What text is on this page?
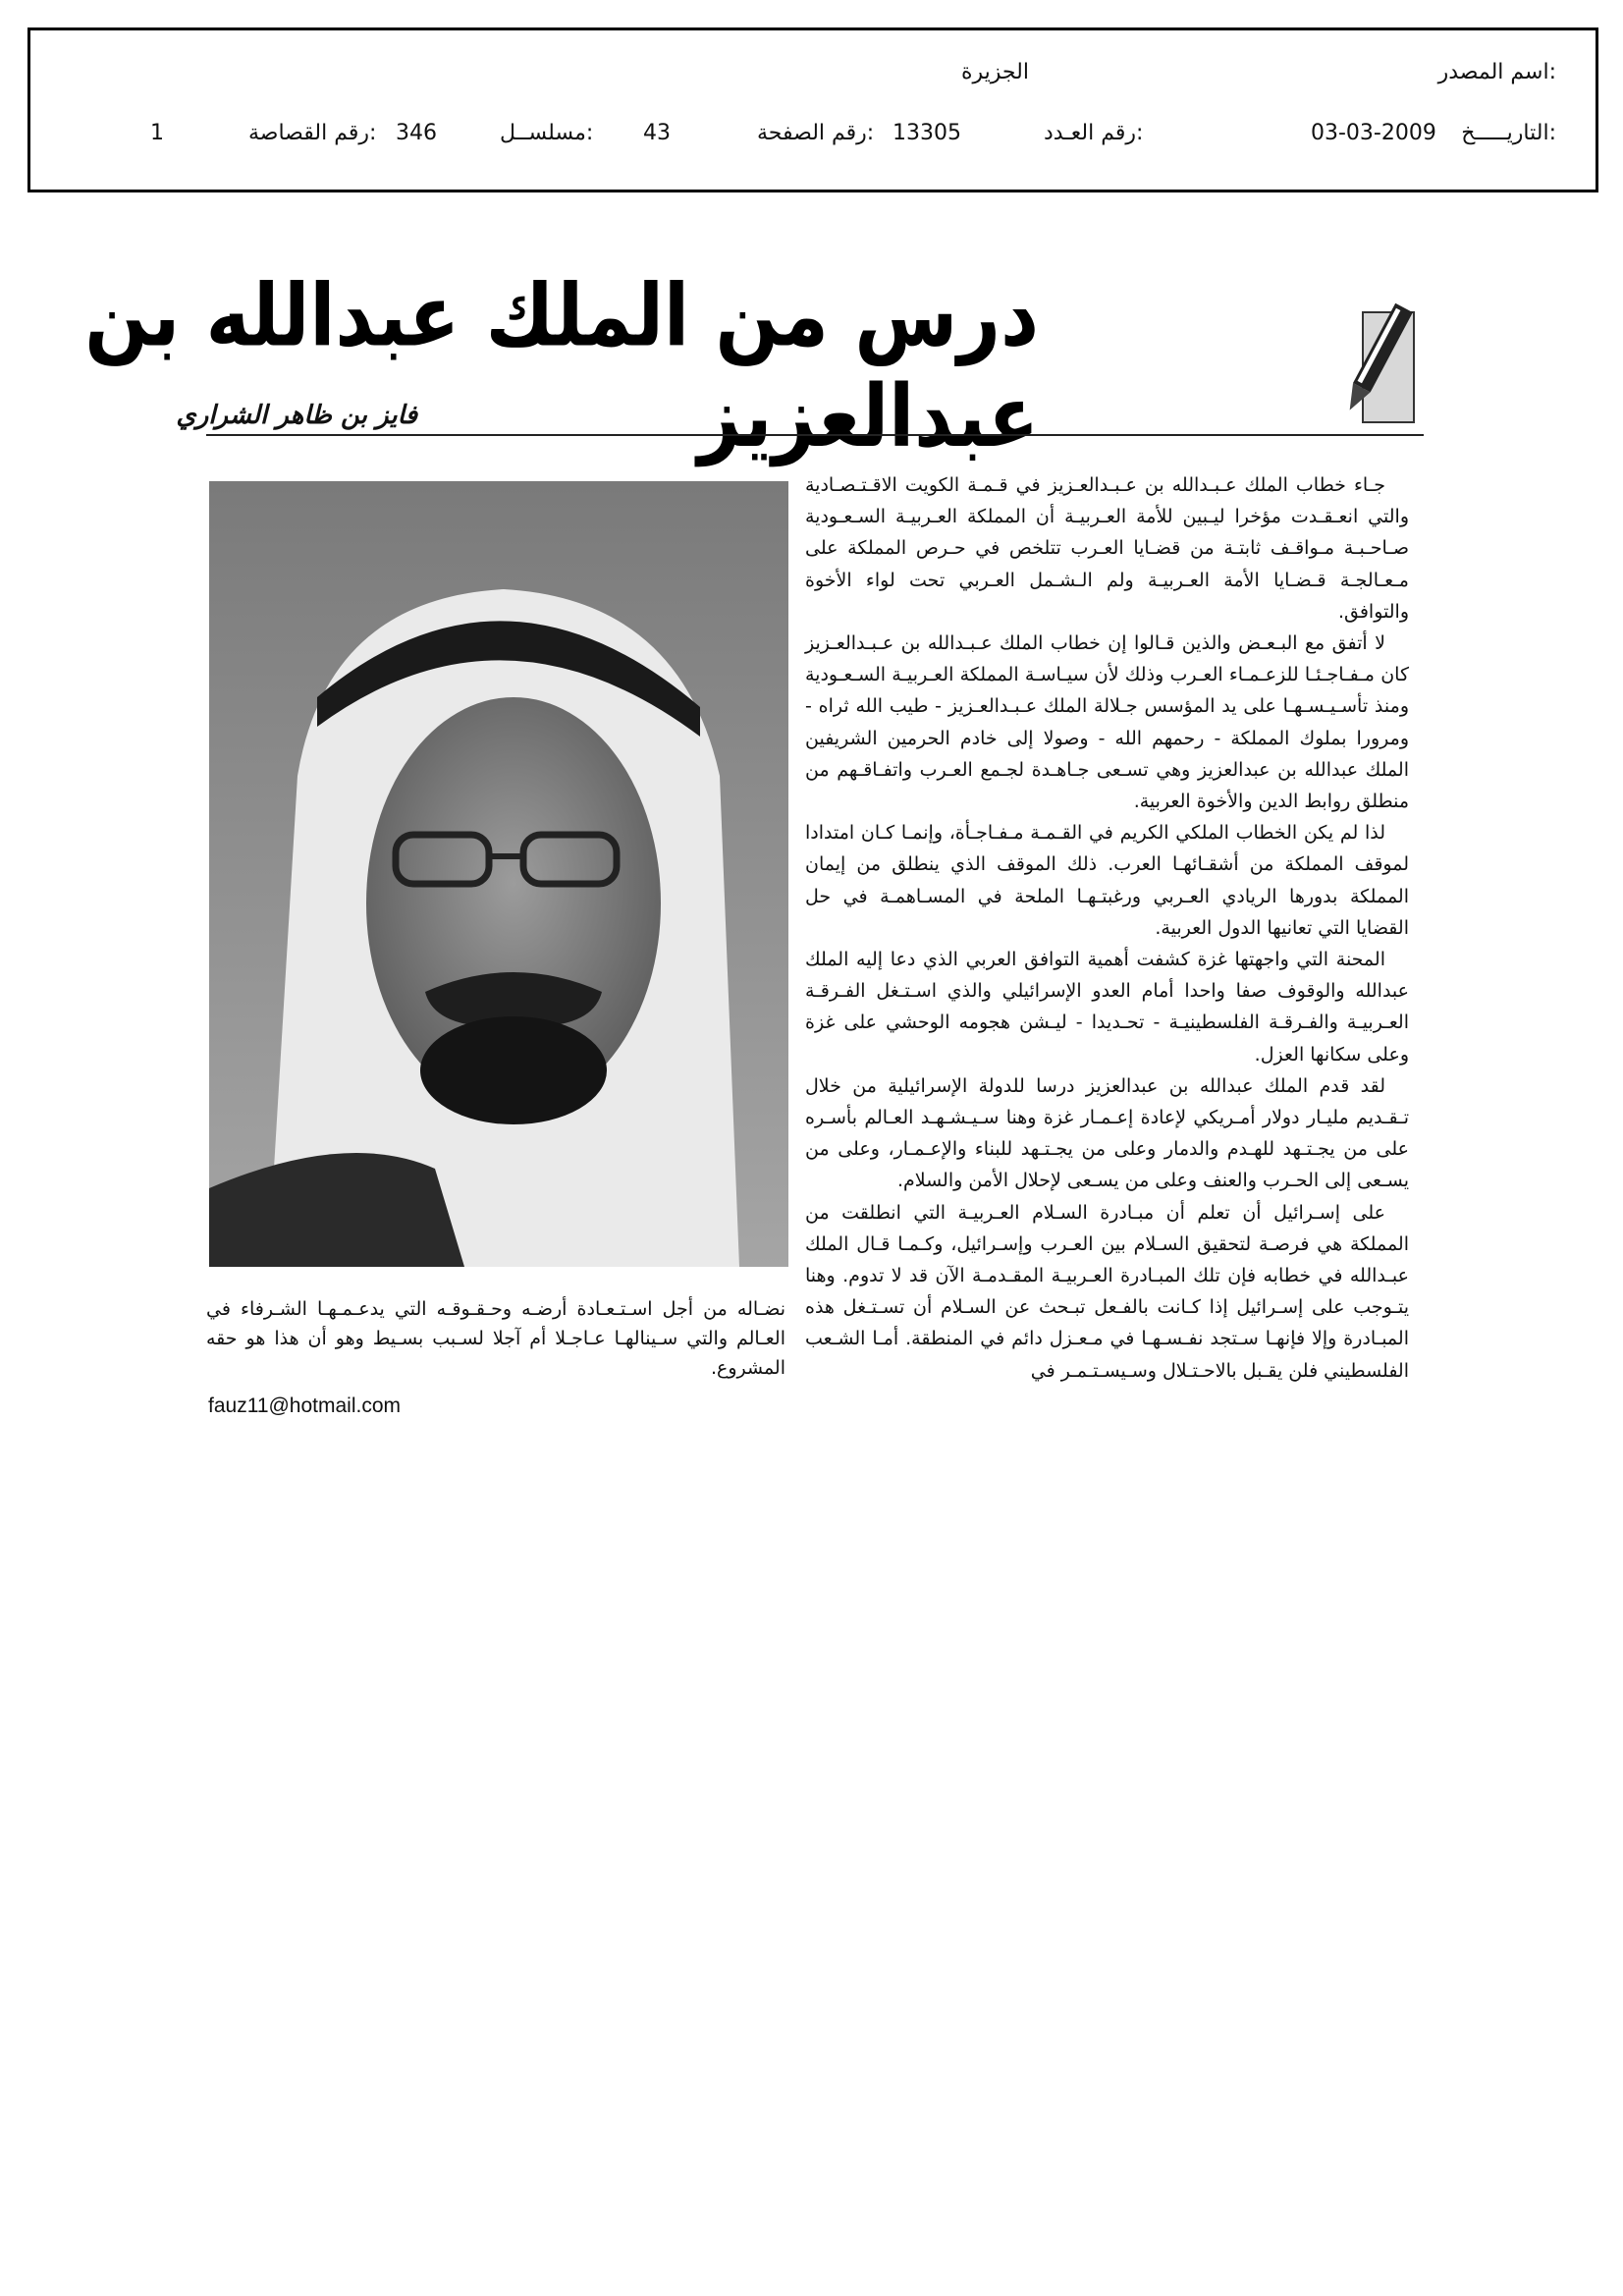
اسم المصدر:
الجزيرة
التاريـــــخ:
03-03-2009
رقم العـدد:
13305
رقم الصفحة:
43
مسلســل:
346
رقم القصاصة:
1
درس من الملك عبدالله بن عبدالعزيز
فايز بن ظاهر الشراري

جـاء خطاب الملك عـبـدالله بن عـبـدالعـزيز في قـمـة الكويت الاقـتـصـادية والتي انعـقـدت مؤخرا ليـبين للأمة العـربيـة أن المملكة العـربيـة السـعـودية صـاحـبـة مـواقـف ثابتـة من قضـايا العـرب تتلخص في حـرص المملكة على مـعـالجـة قـضـايا الأمة العـربيـة ولم الـشـمل العـربي تحت لواء الأخوة والتوافق.

لا أتفق مع البـعـض والذين قـالوا إن خطاب الملك عـبـدالله بن عـبـدالعـزيز كان مـفـاجـئـا للزعـمـاء العـرب وذلك لأن سيـاسـة المملكة العـربيـة السـعـودية ومنذ تأسـيـسـهـا على يد المؤسس جـلالة الملك عـبـدالعـزيز - طيب الله ثراه - ومرورا بملوك المملكة - رحمهم الله - وصولا إلى خادم الحرمين الشريفين الملك عبدالله بن عبدالعزيز وهي تسـعى جـاهـدة لجـمع العـرب واتفـاقـهم من منطلق روابط الدين والأخوة العربية.

لذا لم يكن الخطاب الملكي الكريم في القـمـة مـفـاجـأة، وإنمـا كـان امتدادا لموقف المملكة من أشقـائهـا العرب. ذلك الموقف الذي ينطلق من إيمان المملكة بدورها الريادي العـربي ورغبتـهـا الملحة في المسـاهمـة في حل القضايا التي تعانيها الدول العربية.

المحنة التي واجهتها غزة كشفت أهمية التوافق العربي الذي دعا إليه الملك عبدالله والوقوف صفا واحدا أمام العدو الإسرائيلي والذي اسـتـغل الفـرقـة العـربيـة والفـرقـة الفلسطينيـة - تحـديدا - ليـشن هجومه الوحشي على غزة وعلى سكانها العزل.

لقد قدم الملك عبدالله بن عبدالعزيز درسا للدولة الإسرائيلية من خلال تـقـديم مليـار دولار أمـريكي لإعادة إعـمـار غزة وهنا سـيـشـهـد العـالم بأسـره على من يجـتـهد للهـدم والدمار وعلى من يجـتـهد للبناء والإعـمـار، وعلى من يسـعى إلى الحـرب والعنف وعلى من يسـعى لإحلال الأمن والسلام.

على إسـرائيل أن تعلم أن مبـادرة السـلام العـربيـة التي انطلقت من المملكة هي فرصـة لتحقيق السـلام بين العـرب وإسـرائيل، وكـمـا قـال الملك عبـدالله في خطابه فإن تلك المبـادرة العـربيـة المقـدمـة الآن قد لا تدوم. وهنا يتـوجب على إسـرائيل إذا كـانت بالفـعل تبـحث عن السـلام أن تسـتـغل هذه المبـادرة وإلا فإنهـا سـتجد نفـسـهـا في مـعـزل دائم في المنطقة. أمـا الشـعب الفلسطيني فلن يقـبل بالاحـتـلال وسـيسـتـمـر في

نضـاله من أجل اسـتـعـادة أرضـه وحـقـوقـه التي يدعـمـهـا الشـرفاء في العـالم والتي سـينالهـا عـاجـلا أم آجلا لسـبب بسـيط وهو أن هذا هو حقه المشروع.

fauz11@hotmail.com
